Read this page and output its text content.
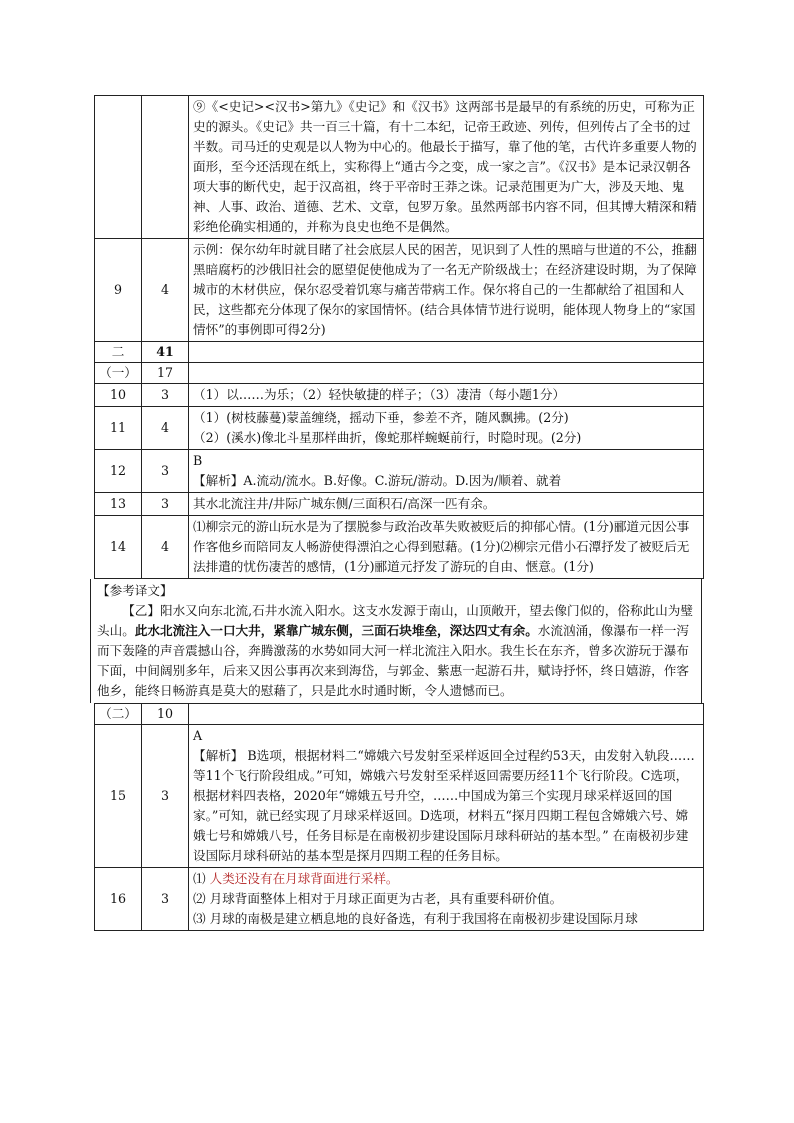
		⑨《<史记><汉书>第九》《史记》和《汉书》这两部书是最早的有系统的历史，可称为正史的源头。《史记》共一百三十篇，有十二本纪，记帝王政迹、列传，但列传占了全书的过半数。司马迁的史观是以人物为中心的。他最长于描写，靠了他的笔，古代许多重要人物的面形，至今还活现在纸上，实称得上“通古今之变，成一家之言”。《汉书》是本记录汉朝各项大事的断代史，起于汉高祖，终于平帝时王莽之诛。记录范围更为广大，涉及天地、鬼神、人事、政治、道德、艺术、文章，包罗万象。虽然两部书内容不同，但其博大精深和精彩绝伦确实相通的，并称为良史也绝不是偶然。
9	4	示例：保尔幼年时就目睹了社会底层人民的困苦，见识到了人性的黑暗与世道的不公，推翻黑暗腐朽的沙俄旧社会的愿望促使他成为了一名无产阶级战士；在经济建设时期，为了保障城市的木材供应，保尔忍受着饥寒与痛苦带病工作。保尔将自己的一生都献给了祖国和人民，这些都充分体现了保尔的家国情怀。(结合具体情节进行说明，能体现人物身上的“家国情怀”的事例即可得2分)
二	41	
（一）	17	
10	3	（1）以……为乐；（2）轻快敏捷的样子；（3）凄清（每小题1分）
11	4	（1）(树枝藤蔓)蒙盖缠绕，摇动下垂，参差不齐，随风飘拂。(2分)
（2）(溪水)像北斗星那样曲折，像蛇那样蜿蜒前行，时隐时现。(2分)

12	3	B
【解析】A.流动/流水。B.好像。C.游玩/游动。D.因为/顺着、就着

13	3	其水北流注井/井际广城东侧/三面积石/高深一匹有余。
14	4	⑴柳宗元的游山玩水是为了摆脱参与政治改革失败被贬后的抑郁心情。(1分)郦道元因公事作客他乡而陪同友人畅游使得漂泊之心得到慰藉。(1分)⑵柳宗元借小石潭抒发了被贬后无法排遣的忧伤凄苦的感情，(1分)郦道元抒发了游玩的自由、惬意。(1分)

【参考译文】

【乙】阳水又向东北流,石井水流入阳水。这支水发源于南山，山顶敞开，望去像门似的，俗称此山为璧头山。此水北流注入一口大井，紧靠广城东侧，三面石块堆垒，深达四丈有余。水流汹涌，像瀑布一样一泻而下轰隆的声音震撼山谷，奔腾激荡的水势如同大河一样北流注入阳水。我生长在东齐，曾多次游玩于瀑布下面，中间阔别多年，后来又因公事再次来到海岱，与郭金、紫惠一起游石井，赋诗抒怀，终日嬉游，作客他乡，能终日畅游真是莫大的慰藉了，只是此水时通时断，令人遗憾而已。

（二）	10	
15	3	A
【解析】 B选项，根据材料二“嫦娥六号发射至采样返回全过程约53天，由发射入轨段……等11个飞行阶段组成。”可知，嫦娥六号发射至采样返回需要历经11个飞行阶段。C选项，根据材料四表格，2020年“嫦娥五号升空，……中国成为第三个实现月球采样返回的国家。”可知，就已经实现了月球采样返回。D选项，材料五“探月四期工程包含嫦娥六号、嫦娥七号和嫦娥八号，任务目标是在南极初步建设国际月球科研站的基本型。” 在南极初步建设国际月球科研站的基本型是探月四期工程的任务目标。

16	3	⑴ 人类还没有在月球背面进行采样。
⑵ 月球背面整体上相对于月球正面更为古老，具有重要科研价值。
⑶ 月球的南极是建立栖息地的良好备选，有利于我国将在南极初步建设国际月球
